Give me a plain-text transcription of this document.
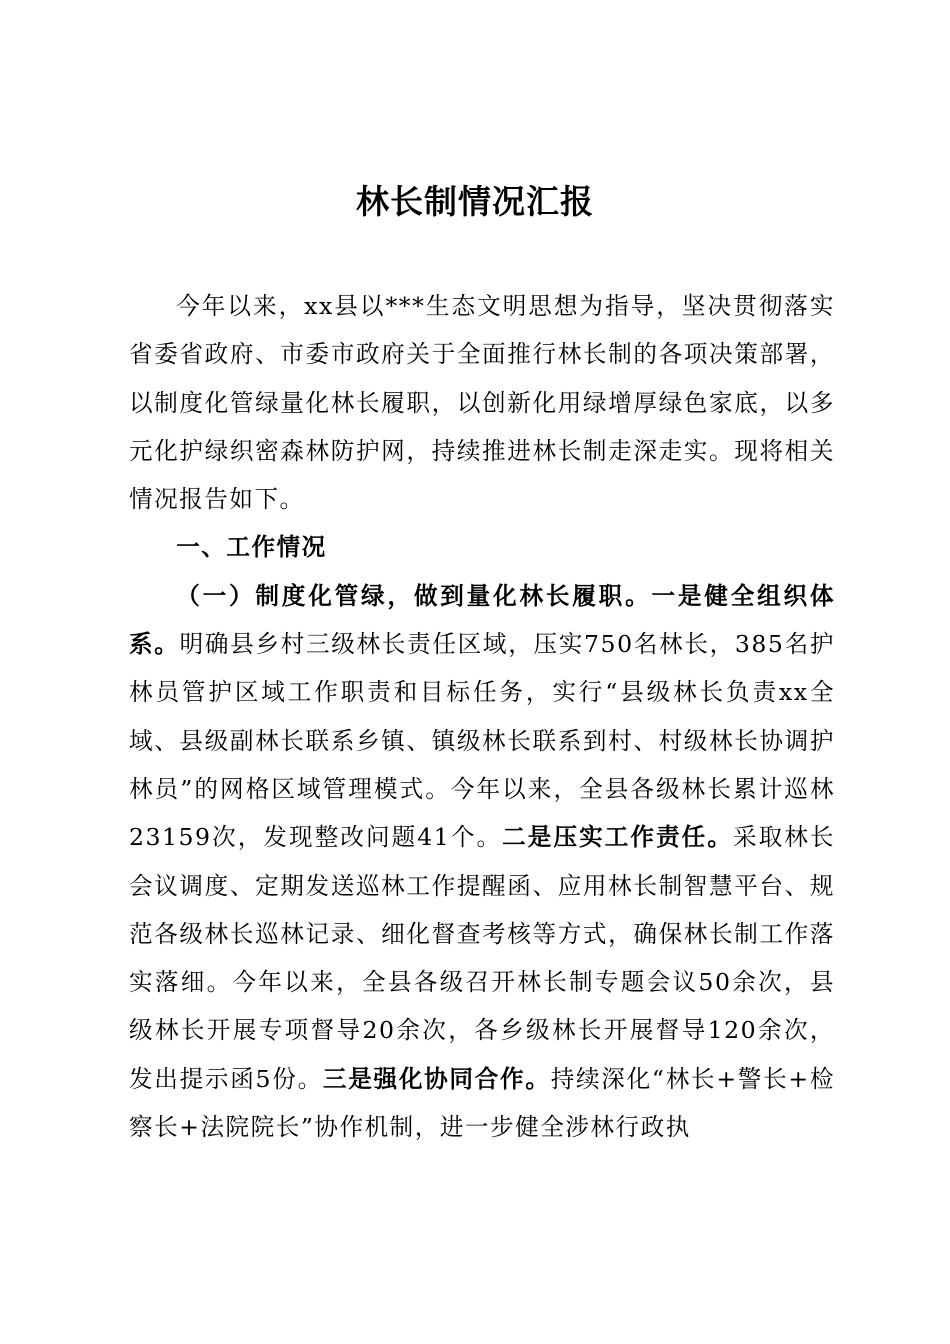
林长制情况汇报

今年以来，xx县以***生态文明思想为指导，坚决贯彻落实省委省政府、市委市政府关于全面推行林长制的各项决策部署，以制度化管绿量化林长履职，以创新化用绿增厚绿色家底，以多元化护绿织密森林防护网，持续推进林长制走深走实。现将相关情况报告如下。

一、工作情况

（一）制度化管绿，做到量化林长履职。一是健全组织体系。明确县乡村三级林长责任区域，压实750名林长，385名护林员管护区域工作职责和目标任务，实行“县级林长负责xx全域、县级副林长联系乡镇、镇级林长联系到村、村级林长协调护林员”的网格区域管理模式。今年以来，全县各级林长累计巡林23159次，发现整改问题41个。二是压实工作责任。采取林长会议调度、定期发送巡林工作提醒函、应用林长制智慧平台、规范各级林长巡林记录、细化督查考核等方式，确保林长制工作落实落细。今年以来，全县各级召开林长制专题会议50余次，县级林长开展专项督导20余次，各乡级林长开展督导120余次，发出提示函5份。三是强化协同合作。持续深化“林长+警长+检察长+法院院长”协作机制，进一步健全涉林行政执
